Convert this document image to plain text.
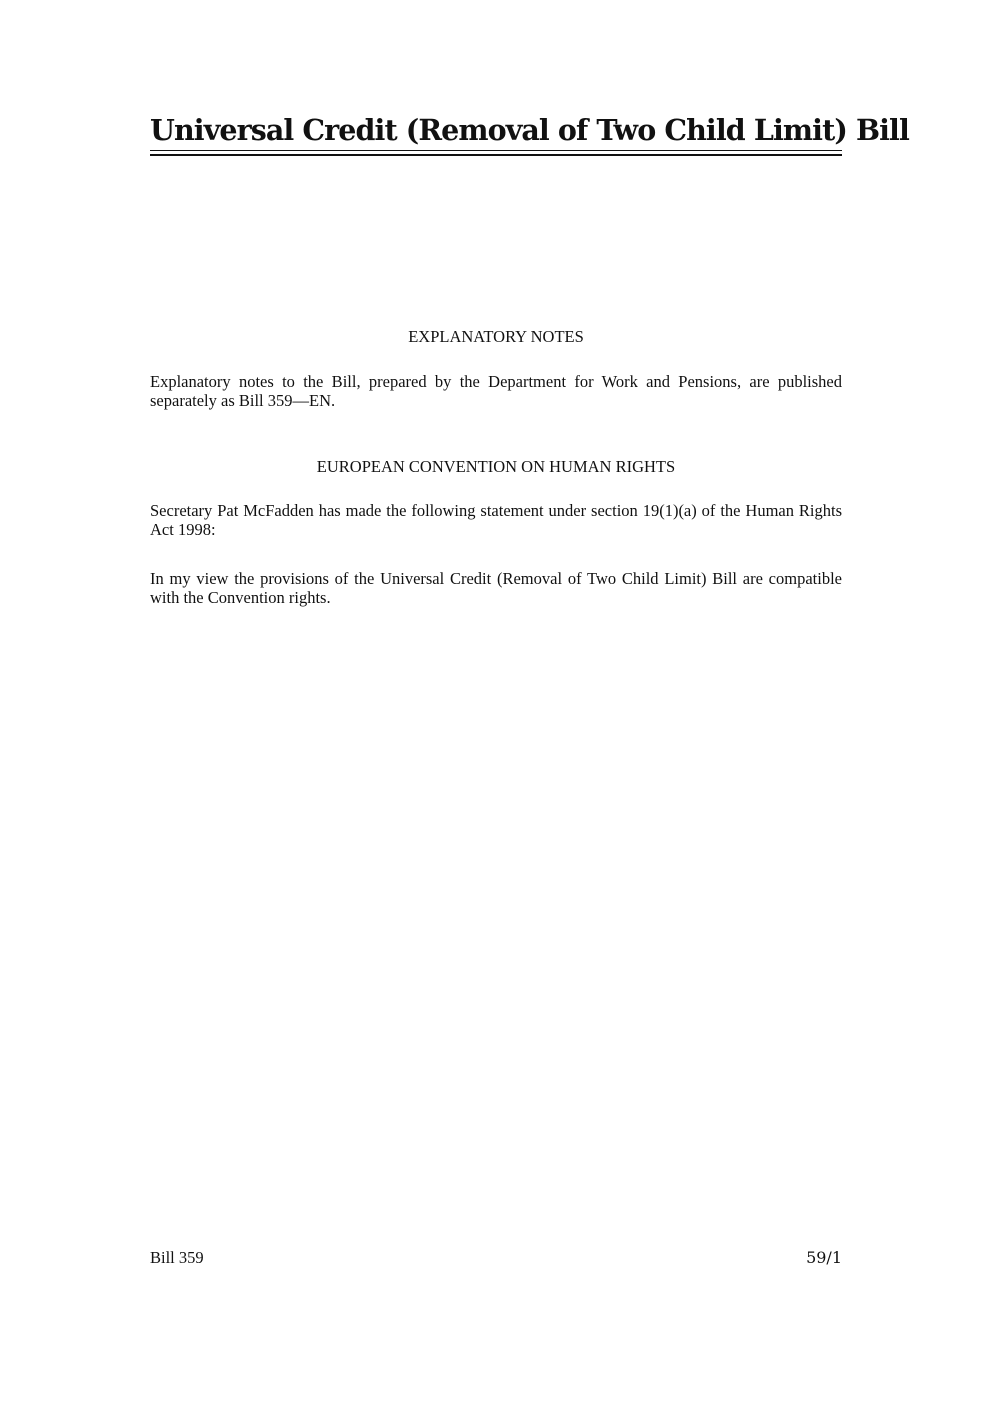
Universal Credit (Removal of Two Child Limit) Bill
EXPLANATORY NOTES
Explanatory notes to the Bill, prepared by the Department for Work and Pensions, are published separately as Bill 359—EN.
EUROPEAN CONVENTION ON HUMAN RIGHTS
Secretary Pat McFadden has made the following statement under section 19(1)(a) of the Human Rights Act 1998:
In my view the provisions of the Universal Credit (Removal of Two Child Limit) Bill are compatible with the Convention rights.
Bill 359	59/1
